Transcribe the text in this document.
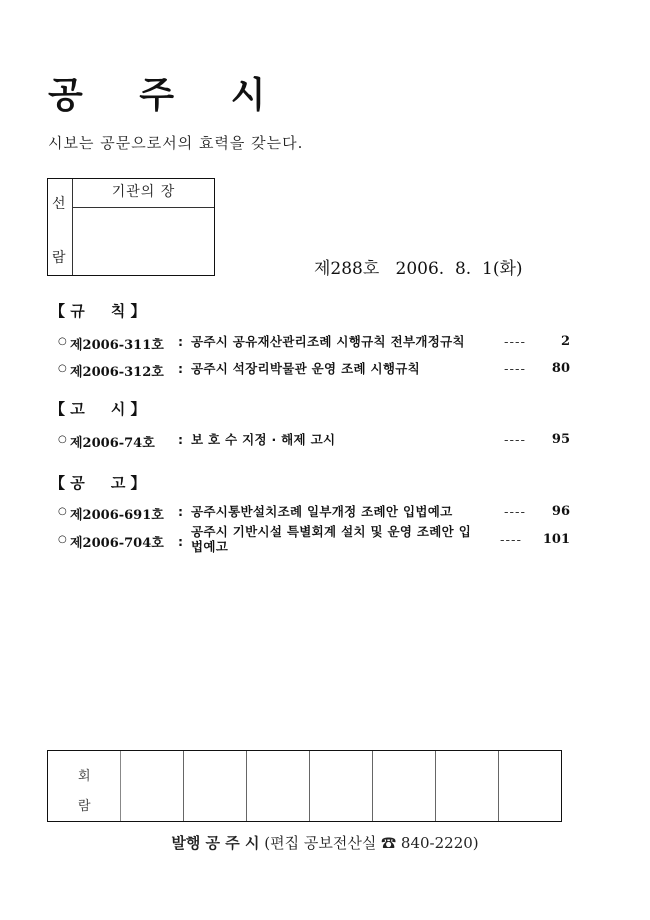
공 주 시
시보는 공문으로서의 효력을 갖는다.
선
람
기관의 장
제288호 2006.  8.  1(화)
【 규     칙 】
○ 제2006-311호 : 공주시 공유재산관리조례 시행규칙 전부개정규칙	----	2
○ 제2006-312호 : 공주시 석장리박물관 운영 조례 시행규칙	---- 80
【 고     시 】
○ 제2006-74호 : 보 호 수 지정 · 해제 고시	---- 95
【 공     고 】
○ 제2006-691호 : 공주시통반설치조례 일부개정 조례안 입법예고	---- 96
○ 제2006-704호 :
공주시 기반시설 특별회계 설치 및 운영 조례안 입법예고	---- 101
회
람
발행 공 주 시 (편집 공보전산실 ☎ 840-2220)
